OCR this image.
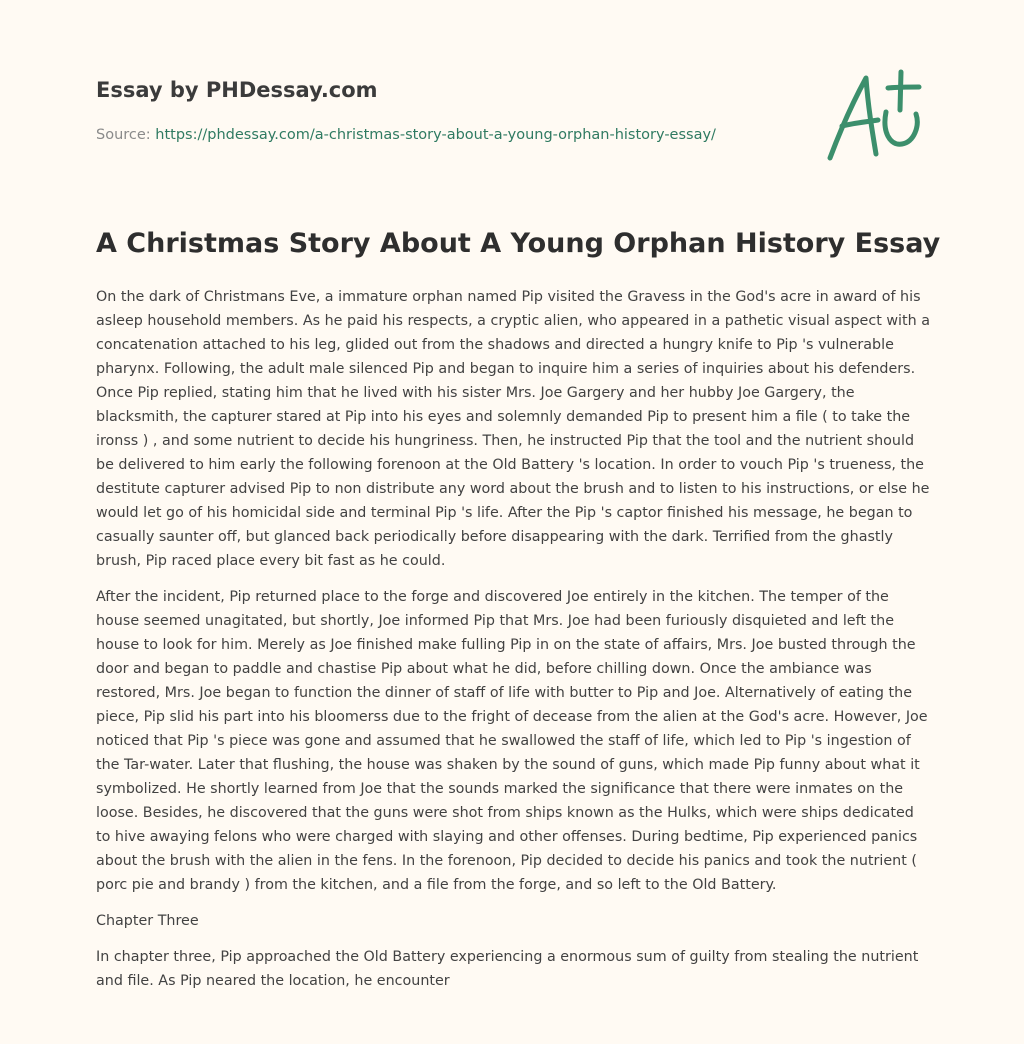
Essay by PHDessay.com
Source: https://phdessay.com/a-christmas-story-about-a-young-orphan-history-essay/
A Christmas Story About A Young Orphan History Essay

On the dark of Christmans Eve, a immature orphan named Pip visited the Gravess in the God's acre in award of his asleep household members. As he paid his respects, a cryptic alien, who appeared in a pathetic visual aspect with a concatenation attached to his leg, glided out from the shadows and directed a hungry knife to Pip 's vulnerable pharynx. Following, the adult male silenced Pip and began to inquire him a series of inquiries about his defenders. Once Pip replied, stating him that he lived with his sister Mrs. Joe Gargery and her hubby Joe Gargery, the blacksmith, the capturer stared at Pip into his eyes and solemnly demanded Pip to present him a file ( to take the ironss ) , and some nutrient to decide his hungriness. Then, he instructed Pip that the tool and the nutrient should be delivered to him early the following forenoon at the Old Battery 's location. In order to vouch Pip 's trueness, the destitute capturer advised Pip to non distribute any word about the brush and to listen to his instructions, or else he would let go of his homicidal side and terminal Pip 's life. After the Pip 's captor finished his message, he began to casually saunter off, but glanced back periodically before disappearing with the dark. Terrified from the ghastly brush, Pip raced place every bit fast as he could.

After the incident, Pip returned place to the forge and discovered Joe entirely in the kitchen. The temper of the house seemed unagitated, but shortly, Joe informed Pip that Mrs. Joe had been furiously disquieted and left the house to look for him. Merely as Joe finished make fulling Pip in on the state of affairs, Mrs. Joe busted through the door and began to paddle and chastise Pip about what he did, before chilling down. Once the ambiance was restored, Mrs. Joe began to function the dinner of staff of life with butter to Pip and Joe. Alternatively of eating the piece, Pip slid his part into his bloomerss due to the fright of decease from the alien at the God's acre. However, Joe noticed that Pip 's piece was gone and assumed that he swallowed the staff of life, which led to Pip 's ingestion of the Tar-water. Later that flushing, the house was shaken by the sound of guns, which made Pip funny about what it symbolized. He shortly learned from Joe that the sounds marked the significance that there were inmates on the loose. Besides, he discovered that the guns were shot from ships known as the Hulks, which were ships dedicated to hive awaying felons who were charged with slaying and other offenses. During bedtime, Pip experienced panics about the brush with the alien in the fens. In the forenoon, Pip decided to decide his panics and took the nutrient ( porc pie and brandy ) from the kitchen, and a file from the forge, and so left to the Old Battery.

Chapter Three

In chapter three, Pip approached the Old Battery experiencing a enormous sum of guilty from stealing the nutrient and file. As Pip neared the location, he encounter
